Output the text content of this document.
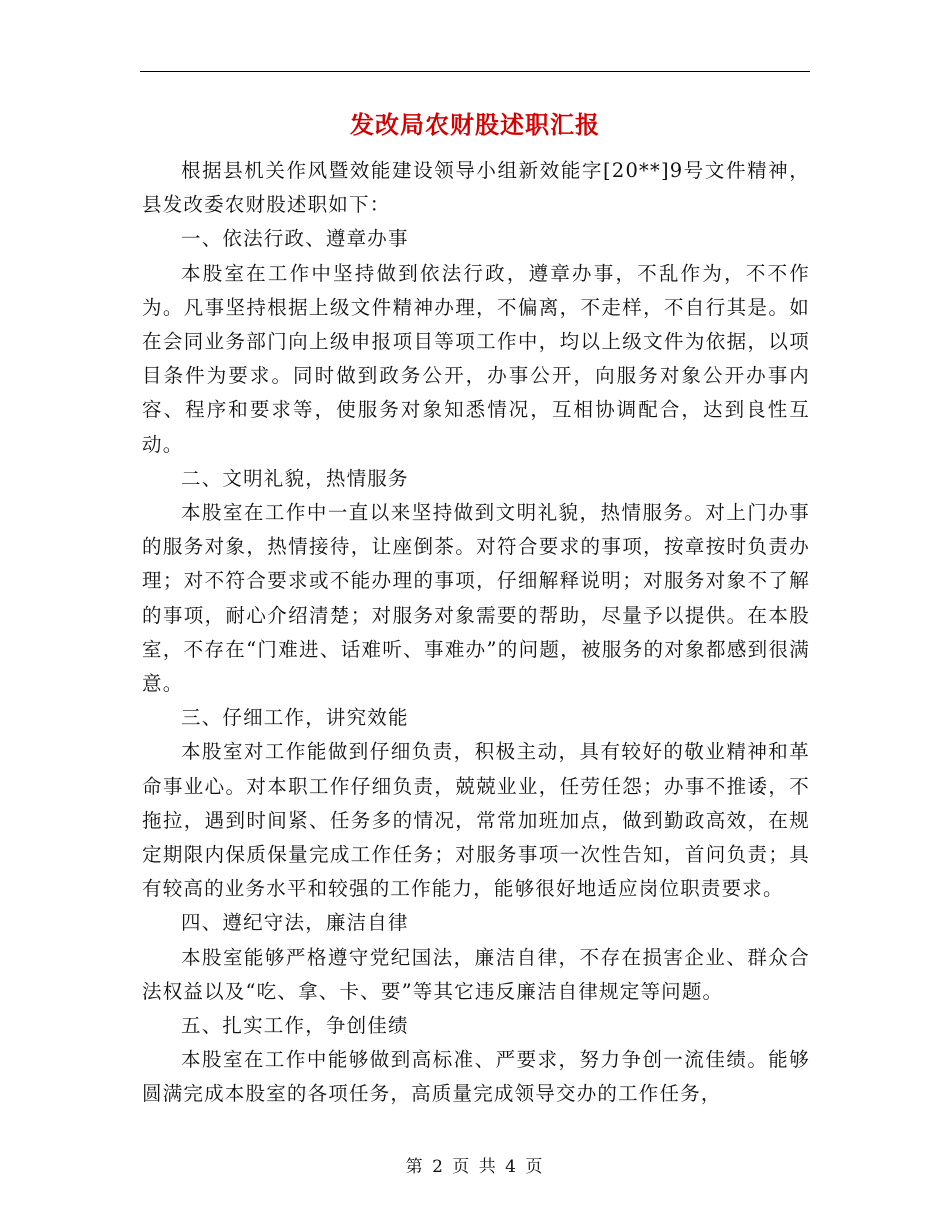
发改局农财股述职汇报

根据县机关作风暨效能建设领导小组新效能字[20**]9号文件精神，县发改委农财股述职如下：

一、依法行政、遵章办事

本股室在工作中坚持做到依法行政，遵章办事，不乱作为，不不作为。凡事坚持根据上级文件精神办理，不偏离，不走样，不自行其是。如在会同业务部门向上级申报项目等项工作中，均以上级文件为依据，以项目条件为要求。同时做到政务公开，办事公开，向服务对象公开办事内容、程序和要求等，使服务对象知悉情况，互相协调配合，达到良性互动。

二、文明礼貌，热情服务

本股室在工作中一直以来坚持做到文明礼貌，热情服务。对上门办事的服务对象，热情接待，让座倒茶。对符合要求的事项，按章按时负责办理；对不符合要求或不能办理的事项，仔细解释说明；对服务对象不了解的事项，耐心介绍清楚；对服务对象需要的帮助，尽量予以提供。在本股室，不存在“门难进、话难听、事难办”的问题，被服务的对象都感到很满意。

三、仔细工作，讲究效能

本股室对工作能做到仔细负责，积极主动，具有较好的敬业精神和革命事业心。对本职工作仔细负责，兢兢业业，任劳任怨；办事不推诿，不拖拉，遇到时间紧、任务多的情况，常常加班加点，做到勤政高效，在规定期限内保质保量完成工作任务；对服务事项一次性告知，首问负责；具有较高的业务水平和较强的工作能力，能够很好地适应岗位职责要求。

四、遵纪守法，廉洁自律

本股室能够严格遵守党纪国法，廉洁自律，不存在损害企业、群众合法权益以及“吃、拿、卡、要”等其它违反廉洁自律规定等问题。

五、扎实工作，争创佳绩

本股室在工作中能够做到高标准、严要求，努力争创一流佳绩。能够圆满完成本股室的各项任务，高质量完成领导交办的工作任务，

第 2 页 共 4 页
